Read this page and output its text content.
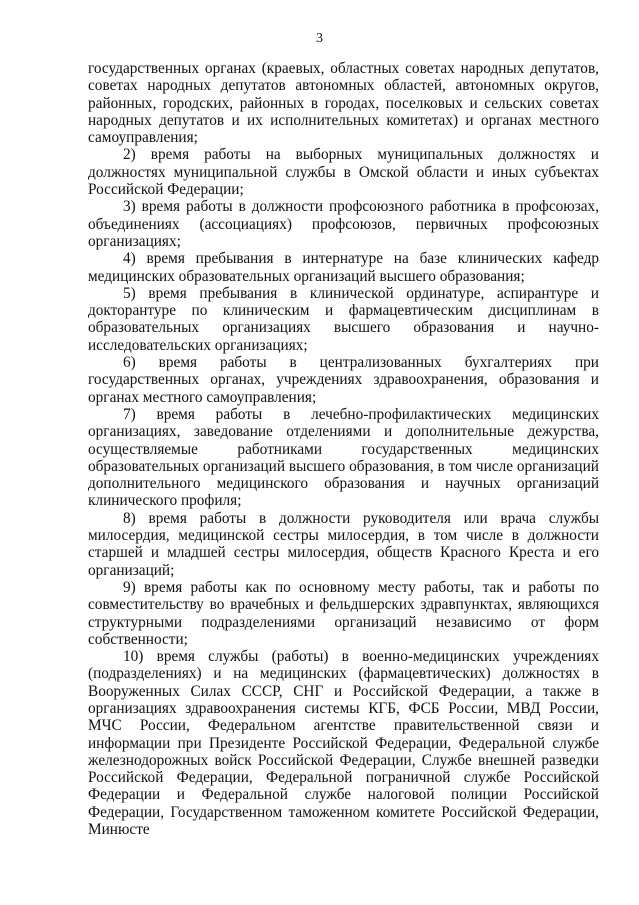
3

государственных органах (краевых, областных советах народных депутатов, советах народных депутатов автономных областей, автономных округов, районных, городских, районных в городах, поселковых и сельских советах народных депутатов и их исполнительных комитетах) и органах местного самоуправления;

2) время работы на выборных муниципальных должностях и должностях муниципальной службы в Омской области и иных субъектах Российской Федерации;

3) время работы в должности профсоюзного работника в профсоюзах, объединениях (ассоциациях) профсоюзов, первичных профсоюзных организациях;

4) время пребывания в интернатуре на базе клинических кафедр медицинских образовательных организаций высшего образования;

5) время пребывания в клинической ординатуре, аспирантуре и докторантуре по клиническим и фармацевтическим дисциплинам в образовательных организациях высшего образования и научно-исследовательских организациях;

6) время работы в централизованных бухгалтериях при государственных органах, учреждениях здравоохранения, образования и органах местного самоуправления;

7) время работы в лечебно-профилактических медицинских организациях, заведование отделениями и дополнительные дежурства, осуществляемые работниками государственных медицинских образовательных организаций высшего образования, в том числе организаций дополнительного медицинского образования и научных организаций клинического профиля;

8) время работы в должности руководителя или врача службы милосердия, медицинской сестры милосердия, в том числе в должности старшей и младшей сестры милосердия, обществ Красного Креста и его организаций;

9) время работы как по основному месту работы, так и работы по совместительству во врачебных и фельдшерских здравпунктах, являющихся структурными подразделениями организаций независимо от форм собственности;

10) время службы (работы) в военно-медицинских учреждениях (подразделениях) и на медицинских (фармацевтических) должностях в Вооруженных Силах СССР, СНГ и Российской Федерации, а также в организациях здравоохранения системы КГБ, ФСБ России, МВД России, МЧС России, Федеральном агентстве правительственной связи и информации при Президенте Российской Федерации, Федеральной службе железнодорожных войск Российской Федерации, Службе внешней разведки Российской Федерации, Федеральной пограничной службе Российской Федерации и Федеральной службе налоговой полиции Российской Федерации, Государственном таможенном комитете Российской Федерации, Минюсте
